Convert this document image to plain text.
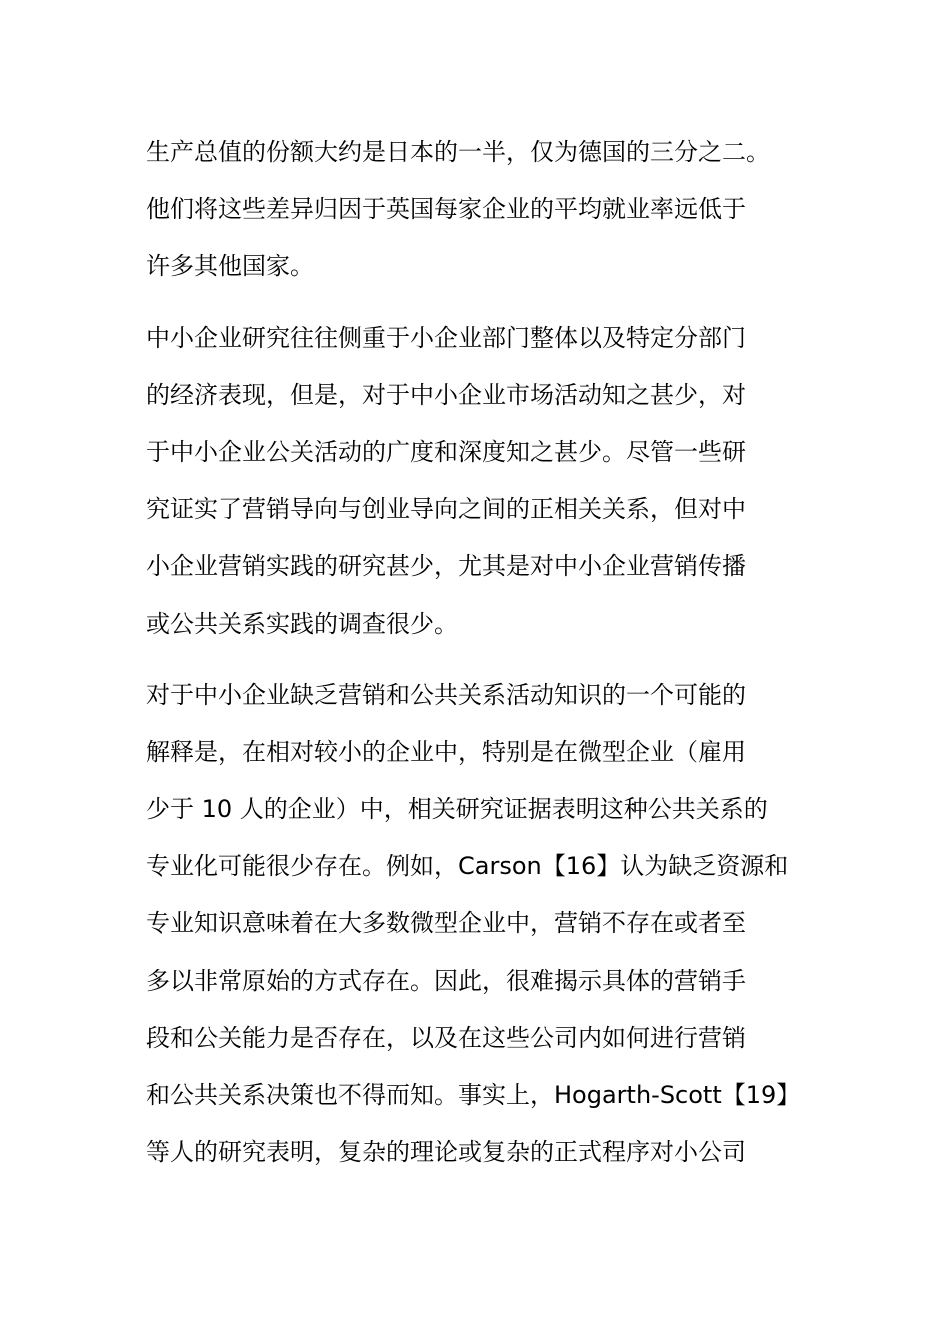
生产总值的份额大约是日本的一半，仅为德国的三分之二。
他们将这些差异归因于英国每家企业的平均就业率远低于
许多其他国家。
中小企业研究往往侧重于小企业部门整体以及特定分部门
的经济表现，但是，对于中小企业市场活动知之甚少，对
于中小企业公关活动的广度和深度知之甚少。尽管一些研
究证实了营销导向与创业导向之间的正相关关系，但对中
小企业营销实践的研究甚少，尤其是对中小企业营销传播
或公共关系实践的调查很少。
对于中小企业缺乏营销和公共关系活动知识的一个可能的
解释是，在相对较小的企业中，特别是在微型企业（雇用
少于 10 人的企业）中，相关研究证据表明这种公共关系的
专业化可能很少存在。例如，Carson【16】认为缺乏资源和
专业知识意味着在大多数微型企业中，营销不存在或者至
多以非常原始的方式存在。因此，很难揭示具体的营销手
段和公关能力是否存在，以及在这些公司内如何进行营销
和公共关系决策也不得而知。事实上，Hogarth-Scott【19】
等人的研究表明，复杂的理论或复杂的正式程序对小公司
